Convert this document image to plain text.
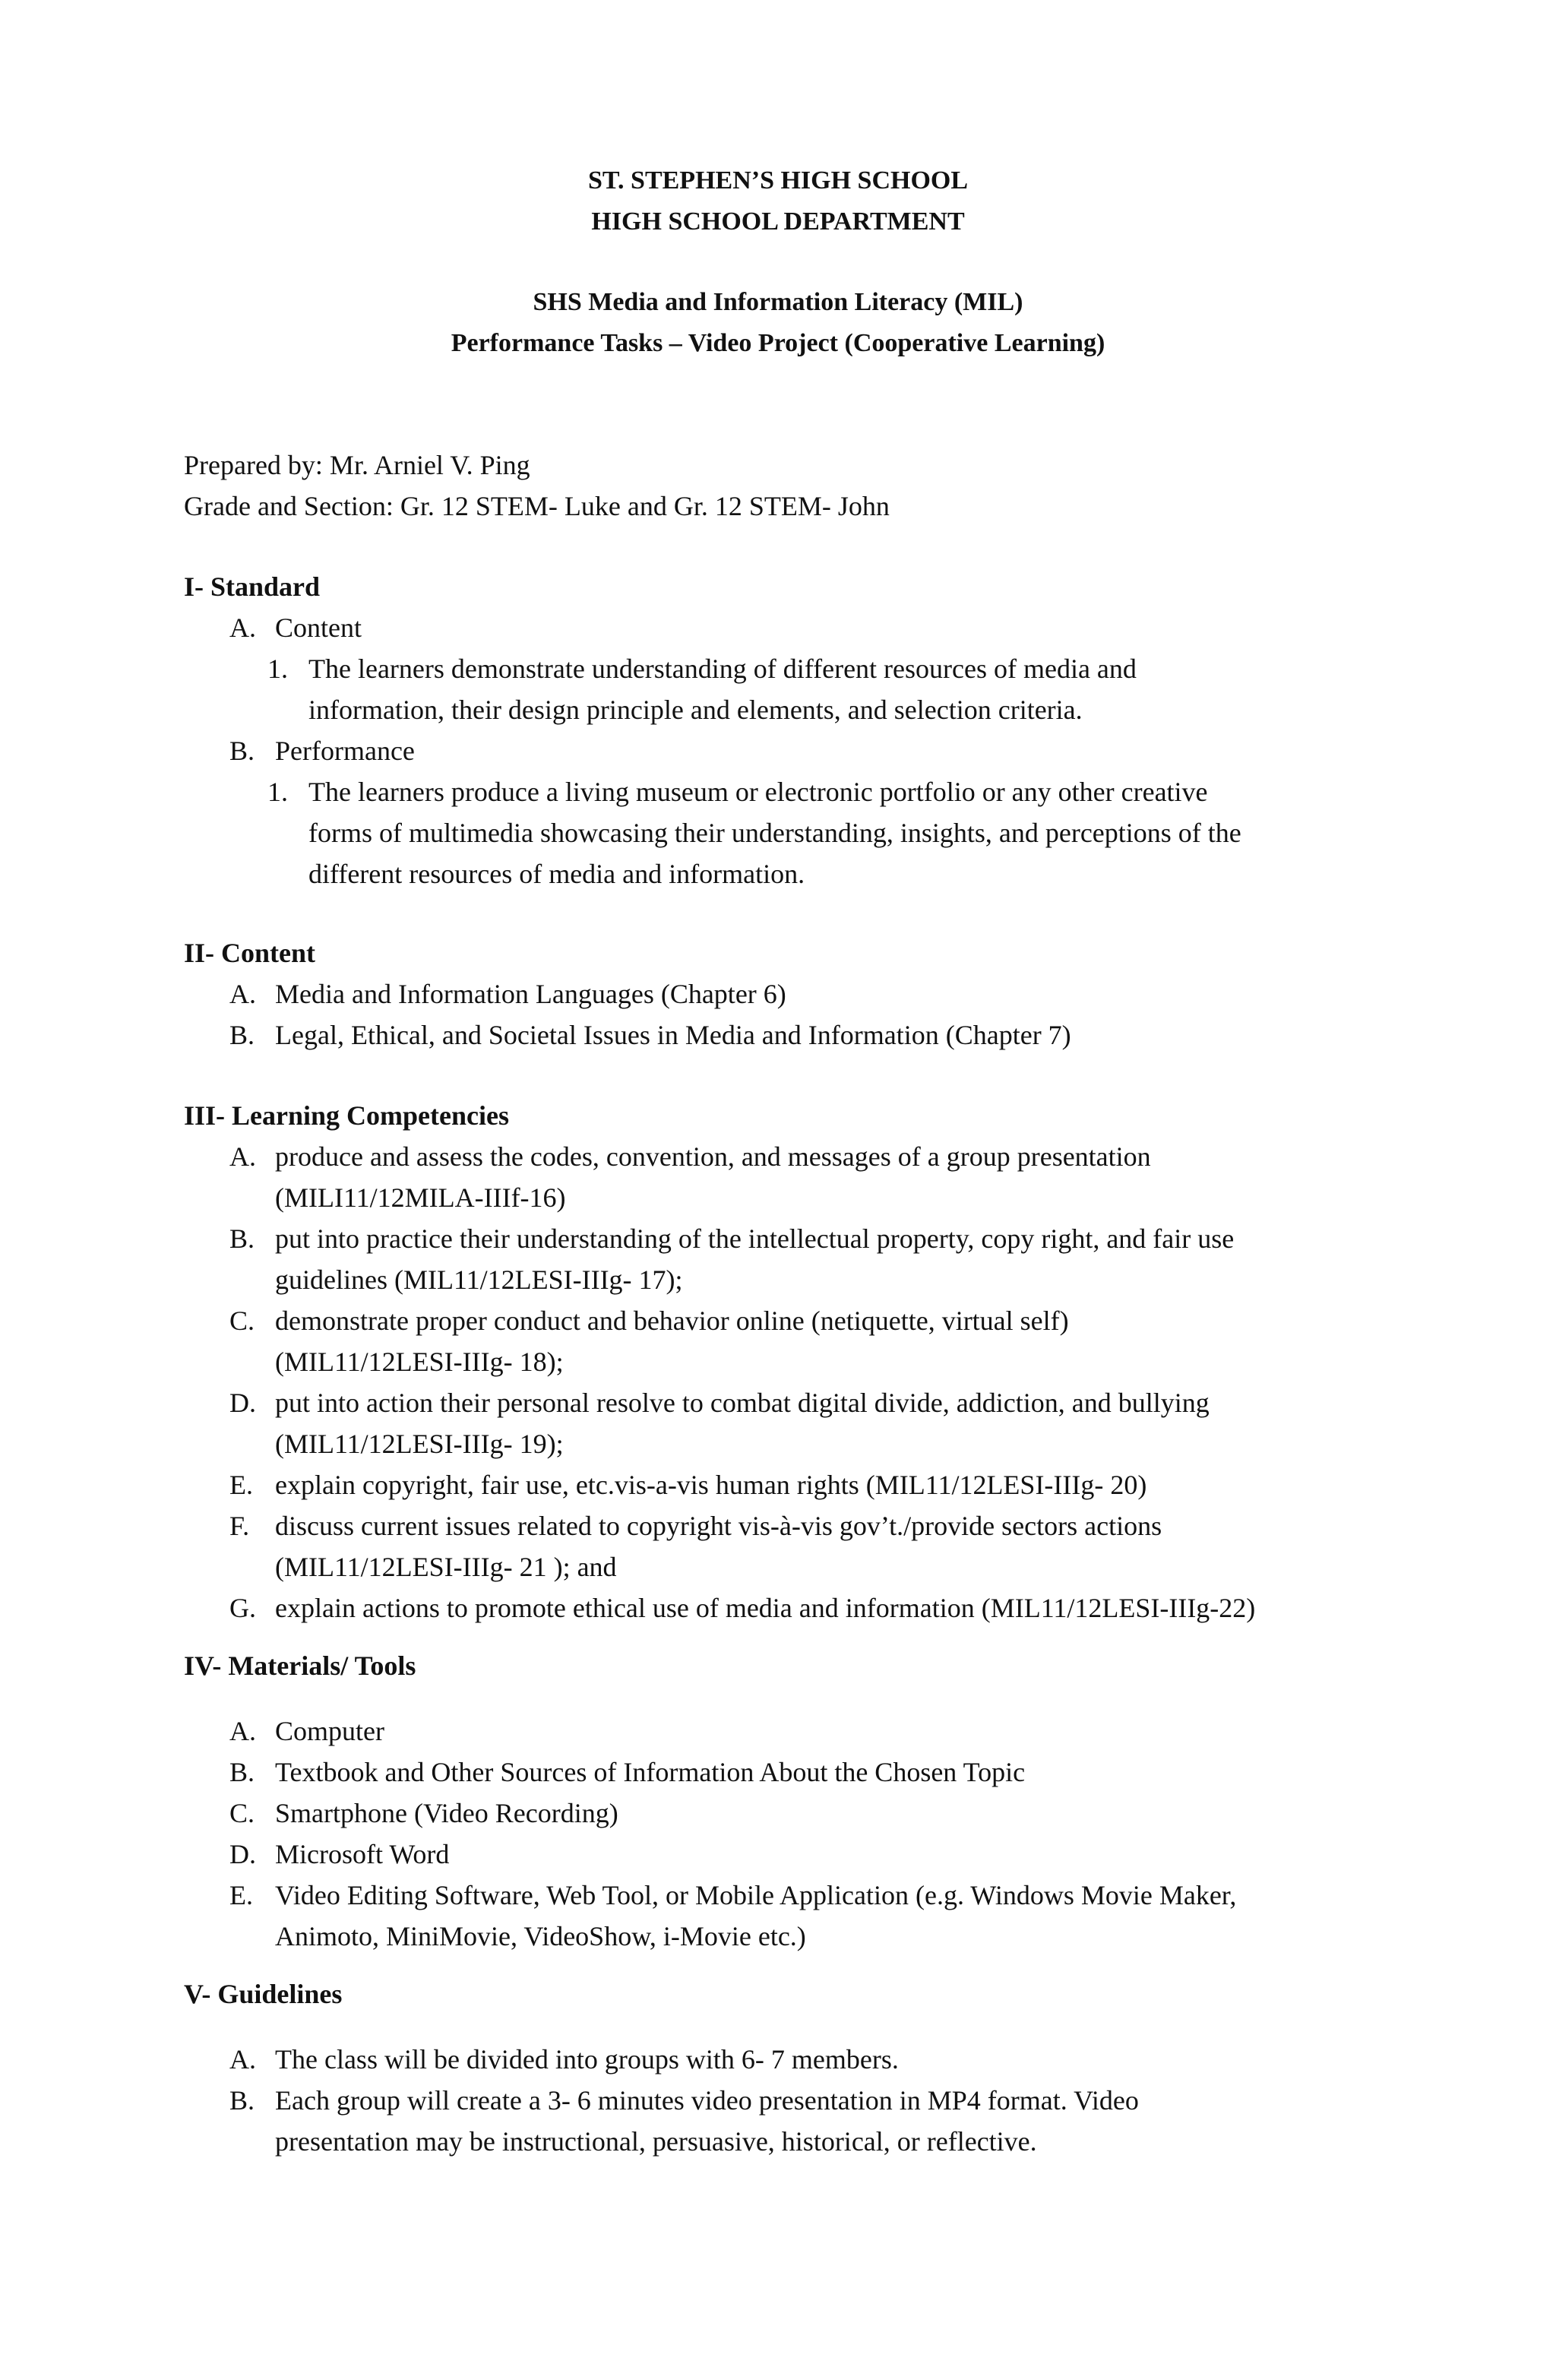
ST. STEPHEN’S HIGH SCHOOL
HIGH SCHOOL DEPARTMENT
SHS Media and Information Literacy (MIL)
Performance Tasks – Video Project (Cooperative Learning)
Prepared by: Mr. Arniel V. Ping
Grade and Section: Gr. 12 STEM- Luke and Gr. 12 STEM- John
I- Standard
A. Content
1. The learners demonstrate understanding of different resources of media and
information, their design principle and elements, and selection criteria.
B. Performance
1. The learners produce a living museum or electronic portfolio or any other creative
forms of multimedia showcasing their understanding, insights, and perceptions of the
different resources of media and information.
II- Content
A. Media and Information Languages (Chapter 6)
B. Legal, Ethical, and Societal Issues in Media and Information (Chapter 7)
III- Learning Competencies
A. produce and assess the codes, convention, and messages of a group presentation
(MILI11/12MILA-IIIf-16)
B. put into practice their understanding of the intellectual property, copy right, and fair use
guidelines (MIL11/12LESI-IIIg- 17);
C. demonstrate proper conduct and behavior online (netiquette, virtual self)
(MIL11/12LESI-IIIg- 18);
D. put into action their personal resolve to combat digital divide, addiction, and bullying
(MIL11/12LESI-IIIg- 19);
E. explain copyright, fair use, etc.vis-a-vis human rights (MIL11/12LESI-IIIg- 20)
F. discuss current issues related to copyright vis-à-vis gov’t./provide sectors actions
(MIL11/12LESI-IIIg- 21 ); and
G. explain actions to promote ethical use of media and information (MIL11/12LESI-IIIg-22)
IV- Materials/ Tools
A. Computer
B. Textbook and Other Sources of Information About the Chosen Topic
C. Smartphone (Video Recording)
D. Microsoft Word
E. Video Editing Software, Web Tool, or Mobile Application (e.g. Windows Movie Maker,
Animoto, MiniMovie, VideoShow, i-Movie etc.)
V- Guidelines
A. The class will be divided into groups with 6- 7 members.
B. Each group will create a 3- 6 minutes video presentation in MP4 format. Video
presentation may be instructional, persuasive, historical, or reflective.
